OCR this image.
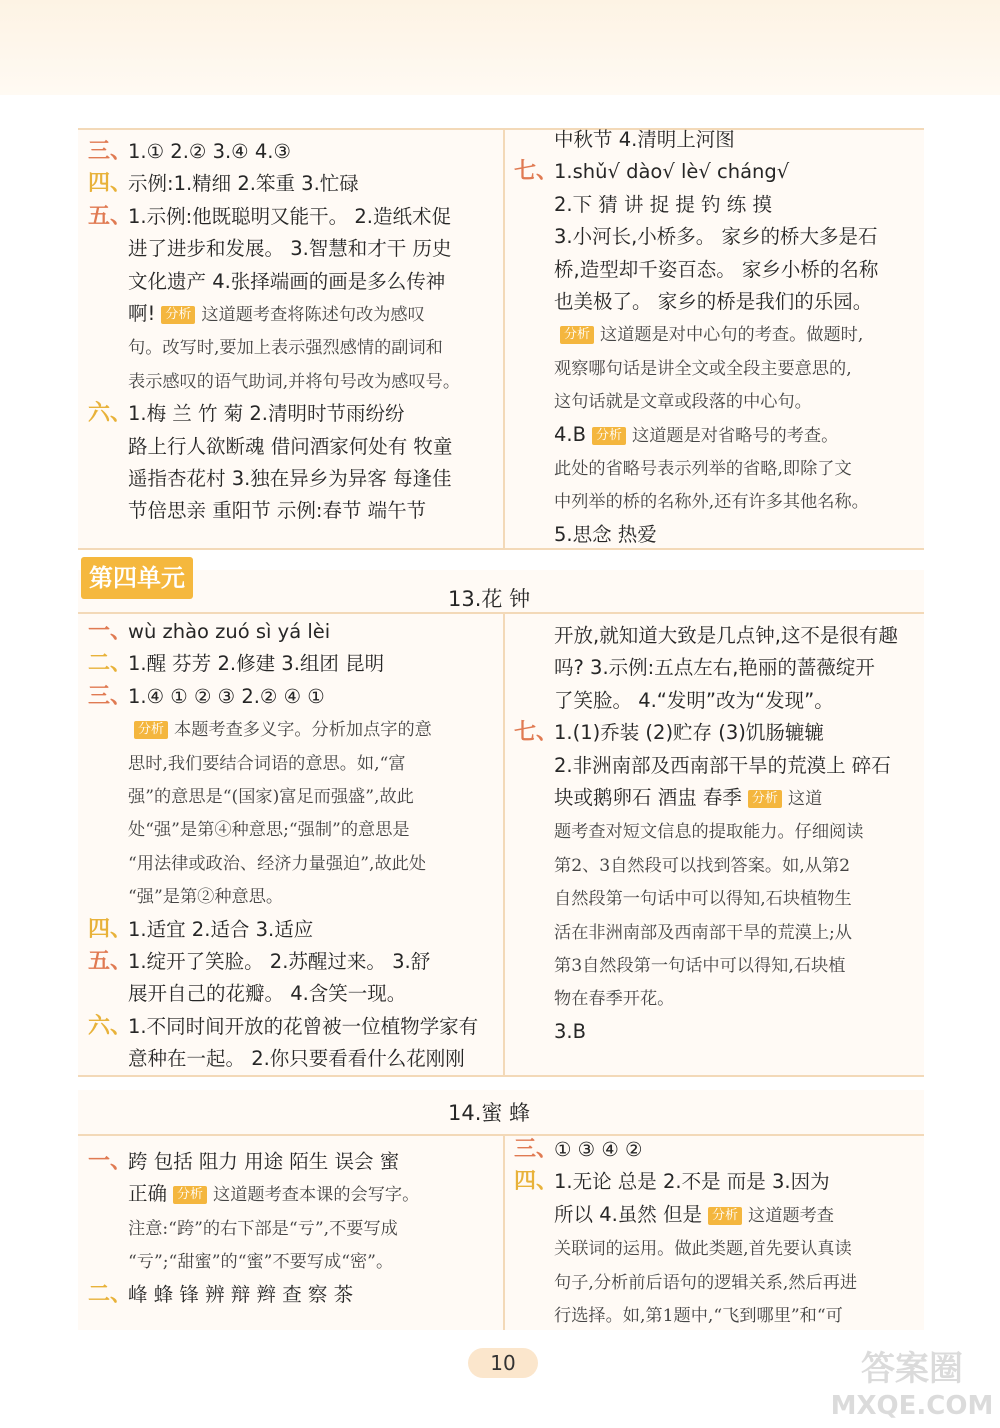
第四单元
13.花 钟
14.蜜 蜂
三、
1.① 2.② 3.④ 4.③
四、
示例:1.精细 2.笨重 3.忙碌
五、
1.示例:他既聪明又能干。 2.造纸术促
进了进步和发展。 3.智慧和才干 历史
文化遗产 4.张择端画的画是多么传神
啊! 分析 这道题考查将陈述句改为感叹
句。改写时,要加上表示强烈感情的副词和
表示感叹的语气助词,并将句号改为感叹号。
六、
1.梅 兰 竹 菊 2.清明时节雨纷纷
路上行人欲断魂 借问酒家何处有 牧童
遥指杏花村 3.独在异乡为异客 每逢佳
节倍思亲 重阳节 示例:春节 端午节
中秋节 4.清明上河图
七、
1.shǔ√ dào√ lè√ cháng√
2.下 猜 讲 捉 提 钓 练 摸
3.小河长,小桥多。 家乡的桥大多是石
桥,造型却千姿百态。 家乡小桥的名称
也美极了。 家乡的桥是我们的乐园。
分析 这道题是对中心句的考查。做题时,
观察哪句话是讲全文或全段主要意思的,
这句话就是文章或段落的中心句。
4.B 分析 这道题是对省略号的考查。
此处的省略号表示列举的省略,即除了文
中列举的桥的名称外,还有许多其他名称。
5.思念 热爱
一、
wù zhào zuó sì yá lèi
二、
1.醒 芬芳 2.修建 3.组团 昆明
三、
1.④ ① ② ③ 2.② ④ ①
分析 本题考查多义字。分析加点字的意
思时,我们要结合词语的意思。如,“富
强”的意思是“(国家)富足而强盛”,故此
处“强”是第④种意思;“强制”的意思是
“用法律或政治、经济力量强迫”,故此处
“强”是第②种意思。
四、
1.适宜 2.适合 3.适应
五、
1.绽开了笑脸。 2.苏醒过来。 3.舒
展开自己的花瓣。 4.含笑一现。
六、
1.不同时间开放的花曾被一位植物学家有
意种在一起。 2.你只要看看什么花刚刚
开放,就知道大致是几点钟,这不是很有趣
吗? 3.示例:五点左右,艳丽的蔷薇绽开
了笑脸。 4.“发明”改为“发现”。
七、
1.(1)乔装 (2)贮存 (3)饥肠辘辘
2.非洲南部及西南部干旱的荒漠上 碎石
块或鹅卵石 酒盅 春季 分析 这道
题考查对短文信息的提取能力。仔细阅读
第2、3自然段可以找到答案。如,从第2
自然段第一句话中可以得知,石块植物生
活在非洲南部及西南部干旱的荒漠上;从
第3自然段第一句话中可以得知,石块植
物在春季开花。
3.B
一、
跨 包括 阻力 用途 陌生 误会 蜜
正确 分析 这道题考查本课的会写字。
注意:“跨”的右下部是“亏”,不要写成
“亏”;“甜蜜”的“蜜”不要写成“密”。
二、
峰 蜂 锋 辨 辩 辫 查 察 茶
三、
① ③ ④ ②
四、
1.无论 总是 2.不是 而是 3.因为
所以 4.虽然 但是 分析 这道题考查
关联词的运用。做此类题,首先要认真读
句子,分析前后语句的逻辑关系,然后再进
行选择。如,第1题中,“飞到哪里”和“可
10	答案圈
MXQE.COM
